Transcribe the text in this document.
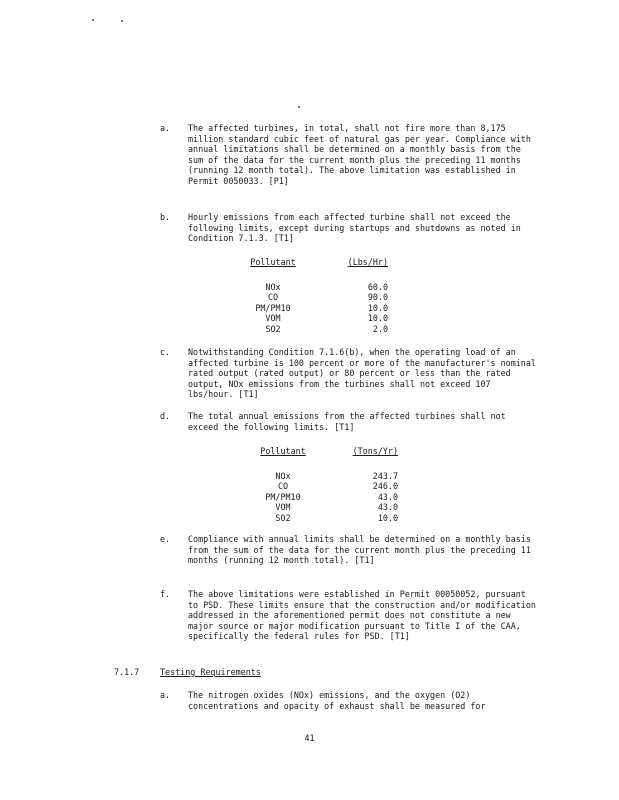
a. The affected turbines, in total, shall not fire more than 8,175 million standard cubic feet of natural gas per year. Compliance with annual limitations shall be determined on a monthly basis from the sum of the data for the current month plus the preceding 11 months (running 12 month total). The above limitation was established in Permit 0050033. [P1]
b. Hourly emissions from each affected turbine shall not exceed the following limits, except during startups and shutdowns as noted in Condition 7.1.3. [T1]
Pollutant	(Lbs/Hr)
NOx	60.0
CO	90.0
PM/PM10	10.0
VOM	10.0
SO2	2.0
c. Notwithstanding Condition 7.1.6(b), when the operating load of an affected turbine is 100 percent or more of the manufacturer's nominal rated output (rated output) or 80 percent or less than the rated output, NOx emissions from the turbines shall not exceed 107 lbs/hour. [T1]
d. The total annual emissions from the affected turbines shall not exceed the following limits. [T1]
Pollutant	(Tons/Yr)
NOx	243.7
CO	246.0
PM/PM10	43.0
VOM	43.0
SO2	10.0
e. Compliance with annual limits shall be determined on a monthly basis from the sum of the data for the current month plus the preceding 11 months (running 12 month total). [T1]
f. The above limitations were established in Permit 00050052, pursuant to PSD. These limits ensure that the construction and/or modification addressed in the aforementioned permit does not constitute a new major source or major modification pursuant to Title I of the CAA, specifically the federal rules for PSD. [T1]
7.1.7 Testing Requirements
a. The nitrogen oxides (NOx) emissions, and the oxygen (O2) concentrations and opacity of exhaust shall be measured for
41
